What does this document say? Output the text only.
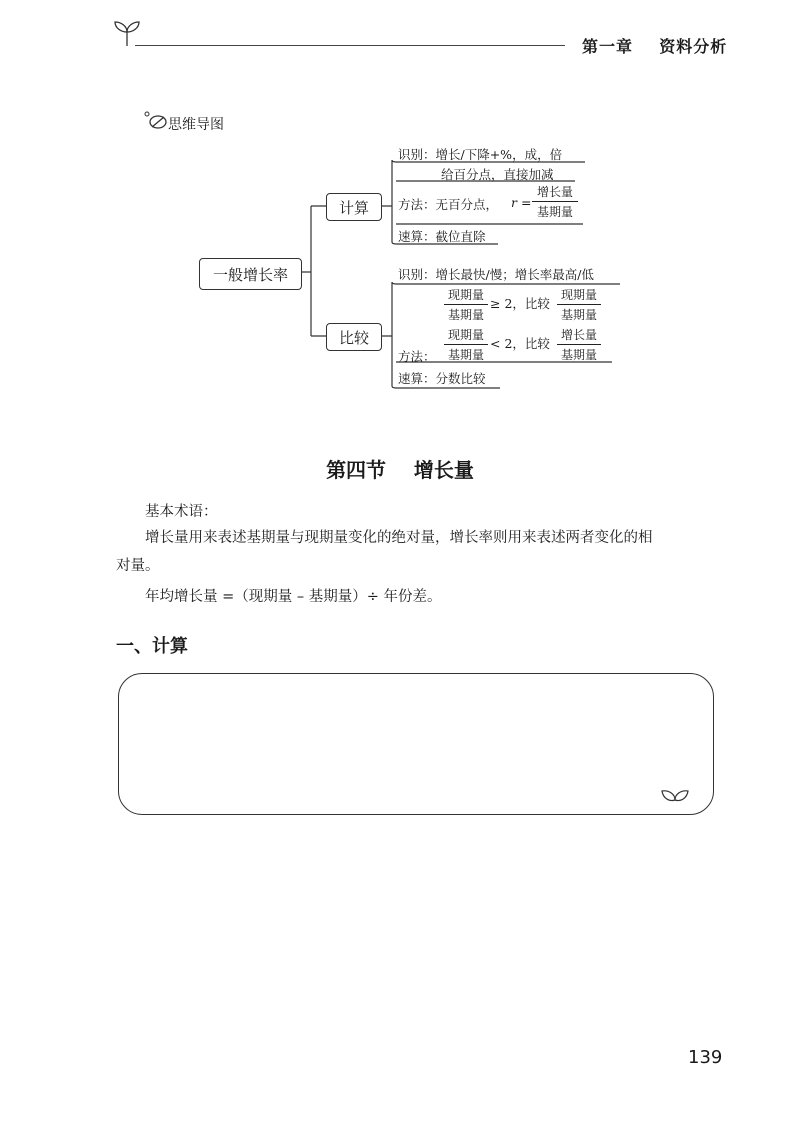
第一章    资料分析
思维导图
一般增长率
计算
比较
识别：增长/下降+%，成，倍
给百分点，直接加减
方法：无百分点， r =
增长量
基期量
速算：截位直除
识别：增长最快/慢；增长率最高/低
现期量
基期量
≥ 2，比较
现期量
基期量
现期量
基期量
< 2，比较
增长量
基期量
方法：
速算：分数比较
第四节    增长量
基本术语：
增长量用来表述基期量与现期量变化的绝对量，增长率则用来表述两者变化的相
对量。
年均增长量 =（现期量 – 基期量）÷ 年份差。
一、计算
139
